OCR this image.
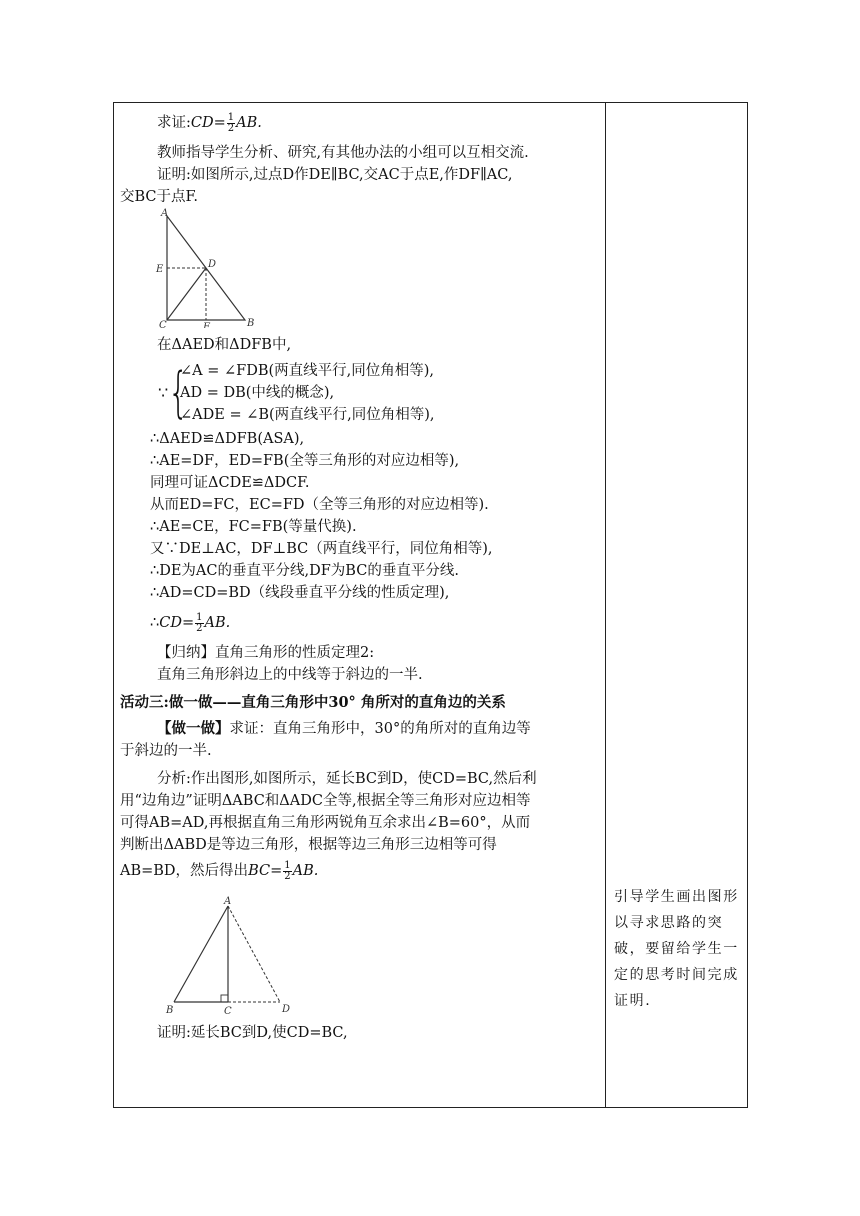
求证:CD= $\frac{1}{2}$ AB.
教师指导学生分析、研究,有其他办法的小组可以互相交流.
证明:如图所示,过点D作DE∥BC,交AC于点E,作DF∥AC,
交BC于点F.
A
E	D
C	F	B
在ΔAED和ΔDFB中,
∵ {
∠A = ∠FDB(两直线平行,同位角相等),
AD = DB(中线的概念),
∠ADE = ∠B(两直线平行,同位角相等),
∴ΔAED≌ΔDFB(ASA),
∴AE=DF，ED=FB(全等三角形的对应边相等),
同理可证ΔCDE≌ΔDCF.
从而ED=FC，EC=FD（全等三角形的对应边相等).
∴AE=CE，FC=FB(等量代换).
又∵DE⊥AC，DF⊥BC（两直线平行，同位角相等),
∴DE为AC的垂直平分线,DF为BC的垂直平分线.
∴AD=CD=BD（线段垂直平分线的性质定理),
∴CD= $\frac{1}{2}$ AB.
【归纳】直角三角形的性质定理2:
直角三角形斜边上的中线等于斜边的一半.
活动三:做一做——直角三角形中30° 角所对的直角边的关系
【做一做】求证：直角三角形中，30°的角所对的直角边等
于斜边的一半.
分析:作出图形,如图所示，延长BC到D，使CD=BC,然后利
用“边角边”证明ΔABC和ΔADC全等,根据全等三角形对应边相等
可得AB=AD,再根据直角三角形两锐角互余求出∠B=60°，从而
判断出ΔABD是等边三角形，根据等边三角形三边相等可得
AB=BD，然后得出$BC= \frac{1}{2}$ AB.
A
B	C	D
证明:延长BC到D,使CD=BC,
引导学生画出图形以寻求思路的突破，要留给学生一定的思考时间完成证明.
